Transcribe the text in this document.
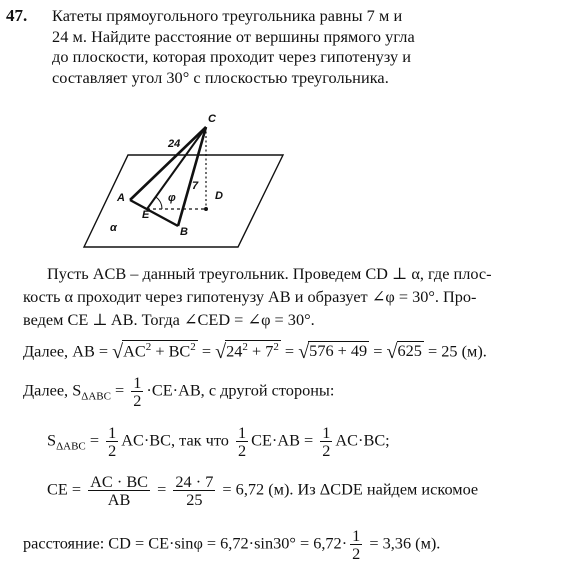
47. Катеты прямоугольного треугольника равны 7 м и
24 м. Найдите расстояние от вершины прямого угла
до плоскости, которая проходит через гипотенузу и
составляет угол 30° с плоскостью треугольника.
C
24
7
D
A
E
φ
B
α
Пусть ACB – данный треугольник. Проведем CD ⊥ α, где плос-
кость α проходит через гипотенузу AB и образует ∠φ = 30°. Про-
ведем CE ⊥ AB. Тогда ∠CED = ∠φ = 30°.
Далее, AB = $√AC^2 + BC^2 = √24^2 + 7^2 = √576 + 49 = √625 = 25$ (м).
Далее, $S_{\Delta ABC} = \frac{1}{2} \cdot CE\cdot AB$, с другой стороны:
$S_{\Delta ABC} = \frac{1}{2} AC\cdot BC$, так что $\frac{1}{2} CE\cdot AB = \frac{1}{2} AC\cdot BC$;
CE = $\frac{AC \cdot BC}{AB} = \frac{24 \cdot 7}{25} = 6,72$ (м). Из ΔCDE найдем искомое
расстояние: CD = $CE\cdot\sin\varphi = 6,72\cdot\sin 30^\circ = 6,72\cdot \frac{1}{2} = 3,36$ (м).
